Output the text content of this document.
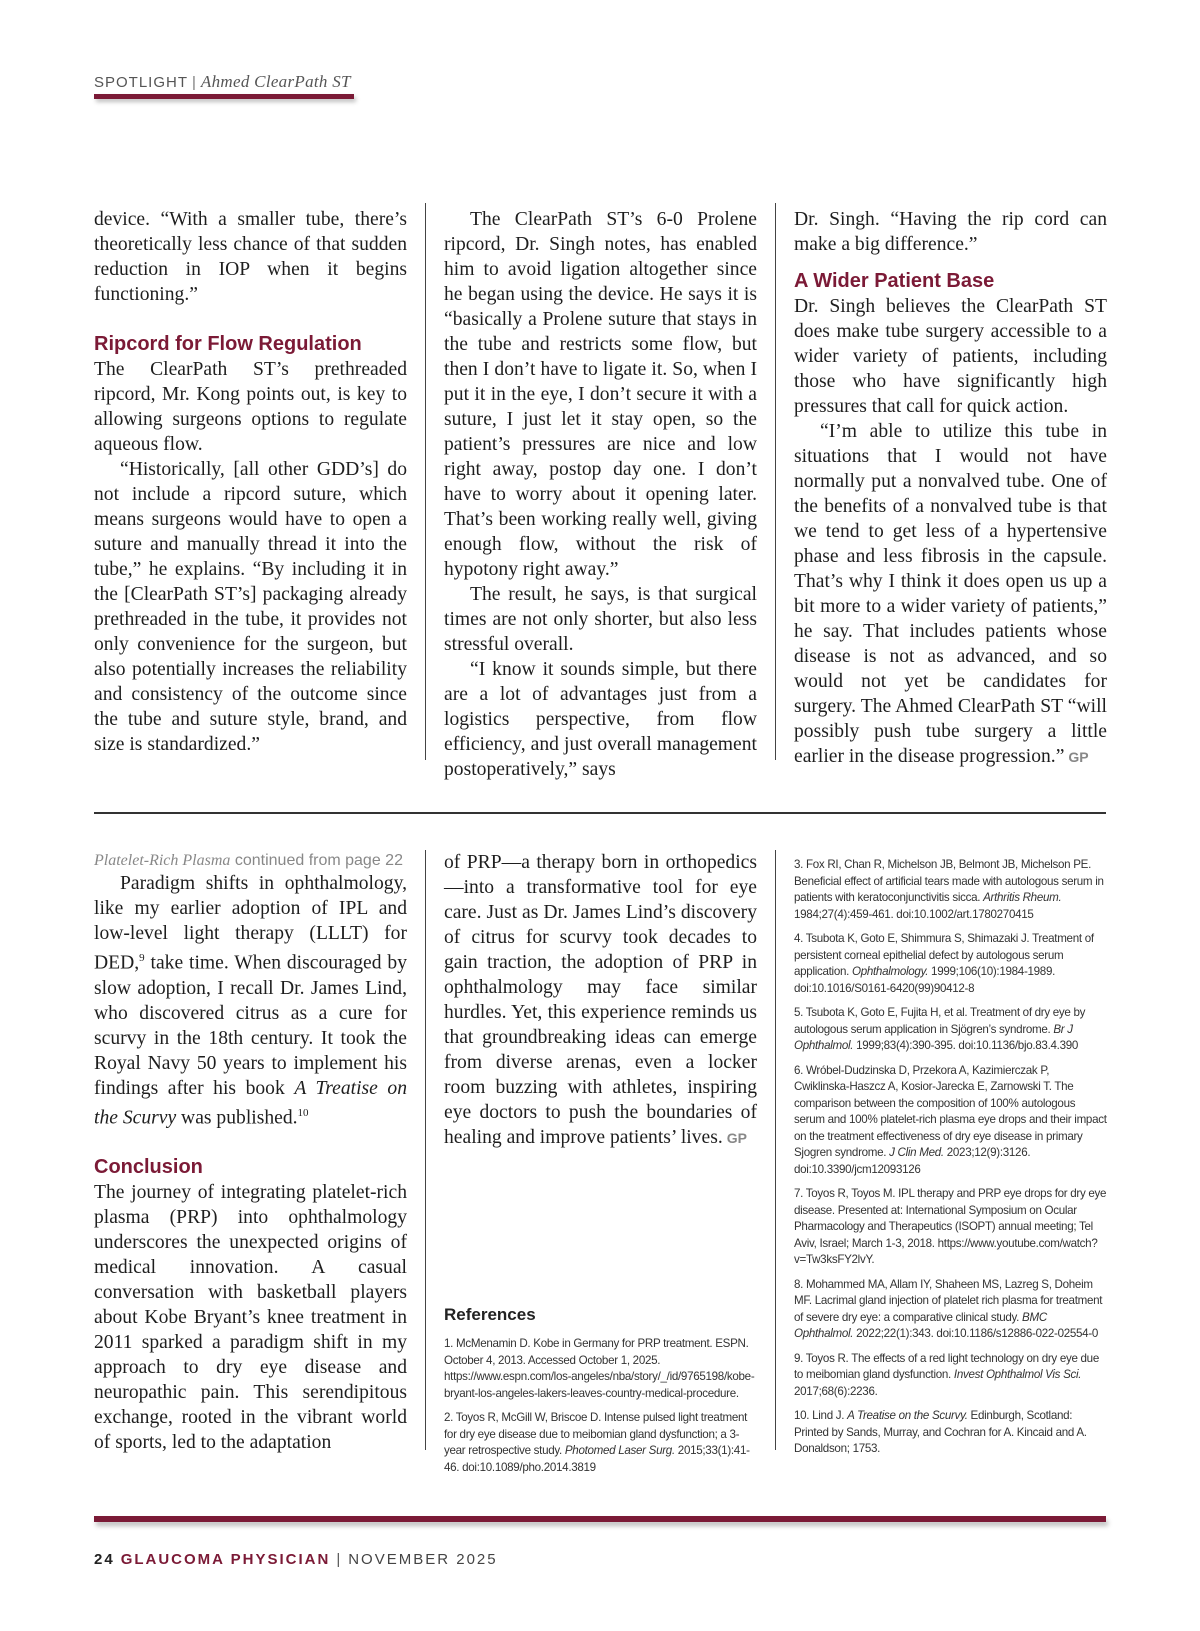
SPOTLIGHT | Ahmed ClearPath ST

device. “With a smaller tube, there’s theoretically less chance of that sudden reduction in IOP when it begins functioning.”

Ripcord for Flow Regulation

The ClearPath ST’s prethreaded ripcord, Mr. Kong points out, is key to allowing surgeons options to regulate aqueous flow.

“Historically, [all other GDD’s] do not include a ripcord suture, which means surgeons would have to open a suture and manually thread it into the tube,” he explains. “By including it in the [ClearPath ST’s] packaging already prethreaded in the tube, it provides not only convenience for the surgeon, but also potentially increases the reliability and consistency of the outcome since the tube and suture style, brand, and size is standardized.”

The ClearPath ST’s 6-0 Prolene ripcord, Dr. Singh notes, has enabled him to avoid ligation altogether since he began using the device. He says it is “basically a Prolene suture that stays in the tube and restricts some flow, but then I don’t have to ligate it. So, when I put it in the eye, I don’t secure it with a suture, I just let it stay open, so the patient’s pressures are nice and low right away, postop day one. I don’t have to worry about it opening later. That’s been working really well, giving enough flow, without the risk of hypotony right away.”

The result, he says, is that surgical times are not only shorter, but also less stressful overall.

“I know it sounds simple, but there are a lot of advantages just from a logistics perspective, from flow efficiency, and just overall management postoperatively,” says

Dr. Singh. “Having the rip cord can make a big difference.”

A Wider Patient Base

Dr. Singh believes the ClearPath ST does make tube surgery accessible to a wider variety of patients, including those who have significantly high pressures that call for quick action.

“I’m able to utilize this tube in situations that I would not have normally put a nonvalved tube. One of the benefits of a nonvalved tube is that we tend to get less of a hypertensive phase and less fibrosis in the capsule. That’s why I think it does open us up a bit more to a wider variety of patients,” he say. That includes patients whose disease is not as advanced, and so would not yet be candidates for surgery. The Ahmed ClearPath ST “will possibly push tube surgery a little earlier in the disease progression.” GP

Platelet-Rich Plasma continued from page 22

Paradigm shifts in ophthalmology, like my earlier adoption of IPL and low-level light therapy (LLLT) for DED,$^9$ take time. When discouraged by slow adoption, I recall Dr. James Lind, who discovered citrus as a cure for scurvy in the 18th century. It took the Royal Navy 50 years to implement his findings after his book A Treatise on the Scurvy was published.$^{10}$

Conclusion

The journey of integrating platelet-rich plasma (PRP) into ophthalmology underscores the unexpected origins of medical innovation. A casual conversation with basketball players about Kobe Bryant’s knee treatment in 2011 sparked a paradigm shift in my approach to dry eye disease and neuropathic pain. This serendipitous exchange, rooted in the vibrant world of sports, led to the adaptation

of PRP—a therapy born in orthopedics—into a transformative tool for eye care. Just as Dr. James Lind’s discovery of citrus for scurvy took decades to gain traction, the adoption of PRP in ophthalmology may face similar hurdles. Yet, this experience reminds us that groundbreaking ideas can emerge from diverse arenas, even a locker room buzzing with athletes, inspiring eye doctors to push the boundaries of healing and improve patients’ lives. GP

References

1. McMenamin D. Kobe in Germany for PRP treatment. ESPN. October 4, 2013. Accessed October 1, 2025. https://www.espn.com/los-angeles/nba/story/_/id/9765198/kobe-bryant-los-angeles-lakers-leaves-country-medical-procedure.

2. Toyos R, McGill W, Briscoe D. Intense pulsed light treatment for dry eye disease due to meibomian gland dysfunction; a 3-year retrospective study. Photomed Laser Surg. 2015;33(1):41-46. doi:10.1089/pho.2014.3819

3. Fox RI, Chan R, Michelson JB, Belmont JB, Michelson PE. Beneficial effect of artificial tears made with autologous serum in patients with keratoconjunctivitis sicca. Arthritis Rheum. 1984;27(4):459-461. doi:10.1002/art.1780270415

4. Tsubota K, Goto E, Shimmura S, Shimazaki J. Treatment of persistent corneal epithelial defect by autologous serum application. Ophthalmology. 1999;106(10):1984-1989. doi:10.1016/S0161-6420(99)90412-8

5. Tsubota K, Goto E, Fujita H, et al. Treatment of dry eye by autologous serum application in Sjögren’s syndrome. Br J Ophthalmol. 1999;83(4):390-395. doi:10.1136/bjo.83.4.390

6. Wróbel-Dudzinska D, Przekora A, Kazimierczak P, Cwiklinska-Haszcz A, Kosior-Jarecka E, Zarnowski T. The comparison between the composition of 100% autologous serum and 100% platelet-rich plasma eye drops and their impact on the treatment effectiveness of dry eye disease in primary Sjogren syndrome. J Clin Med. 2023;12(9):3126. doi:10.3390/jcm12093126

7. Toyos R, Toyos M. IPL therapy and PRP eye drops for dry eye disease. Presented at: International Symposium on Ocular Pharmacology and Therapeutics (ISOPT) annual meeting; Tel Aviv, Israel; March 1-3, 2018. https://www.youtube.com/watch?v=Tw3ksFY2lvY.

8. Mohammed MA, Allam IY, Shaheen MS, Lazreg S, Doheim MF. Lacrimal gland injection of platelet rich plasma for treatment of severe dry eye: a comparative clinical study. BMC Ophthalmol. 2022;22(1):343. doi:10.1186/s12886-022-02554-0

9. Toyos R. The effects of a red light technology on dry eye due to meibomian gland dysfunction. Invest Ophthalmol Vis Sci. 2017;68(6):2236.

10. Lind J. A Treatise on the Scurvy. Edinburgh, Scotland: Printed by Sands, Murray, and Cochran for A. Kincaid and A. Donaldson; 1753.

24 GLAUCOMA PHYSICIAN | NOVEMBER 2025
